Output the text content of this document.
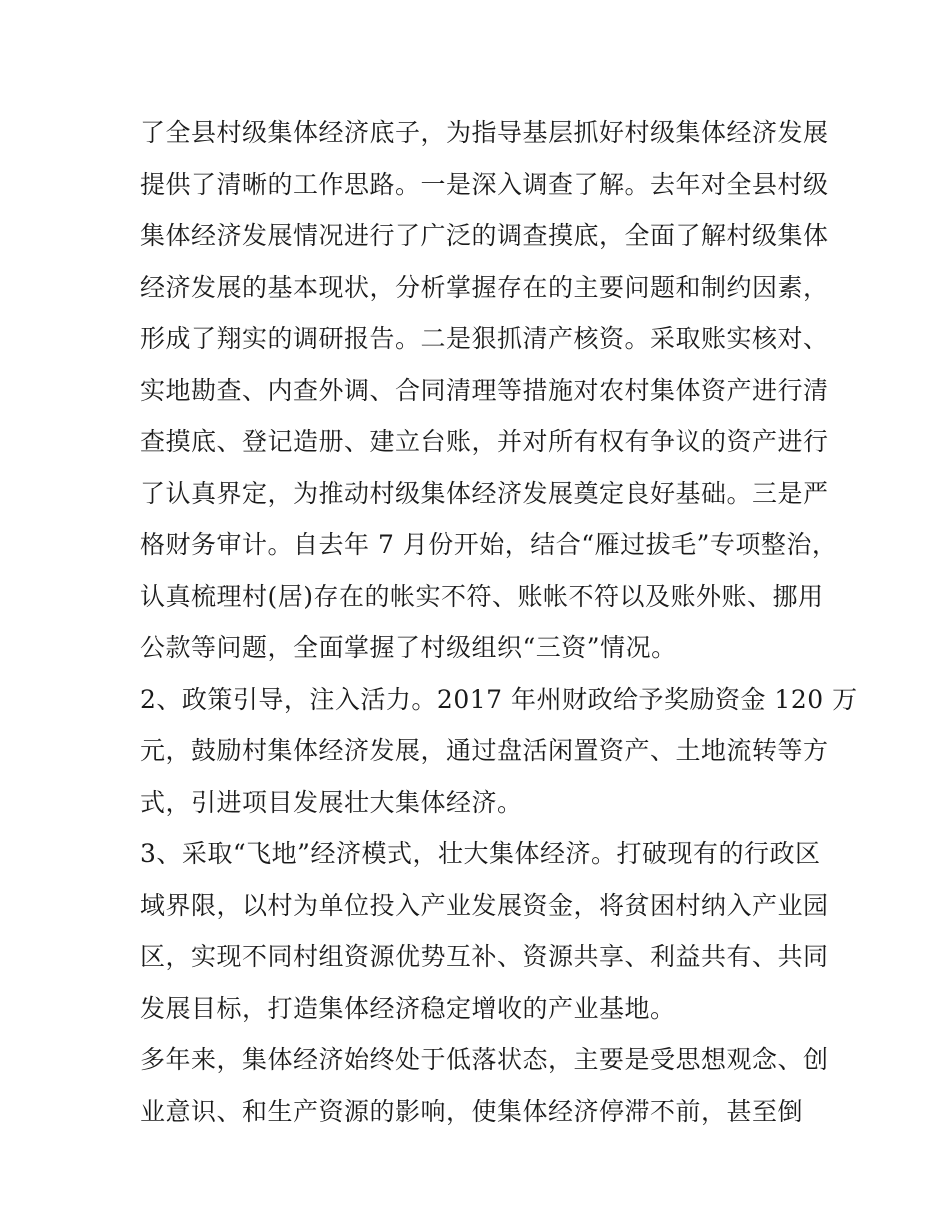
了全县村级集体经济底子，为指导基层抓好村级集体经济发展
提供了清晰的工作思路。一是深入调查了解。去年对全县村级
集体经济发展情况进行了广泛的调查摸底，全面了解村级集体
经济发展的基本现状，分析掌握存在的主要问题和制约因素，
形成了翔实的调研报告。二是狠抓清产核资。采取账实核对、
实地勘查、内查外调、合同清理等措施对农村集体资产进行清
查摸底、登记造册、建立台账，并对所有权有争议的资产进行
了认真界定，为推动村级集体经济发展奠定良好基础。三是严
格财务审计。自去年 7 月份开始，结合“雁过拔毛”专项整治，
认真梳理村(居)存在的帐实不符、账帐不符以及账外账、挪用
公款等问题，全面掌握了村级组织“三资”情况。
2、政策引导，注入活力。2017 年州财政给予奖励资金 120 万
元，鼓励村集体经济发展，通过盘活闲置资产、土地流转等方
式，引进项目发展壮大集体经济。
3、采取“飞地”经济模式，壮大集体经济。打破现有的行政区
域界限，以村为单位投入产业发展资金，将贫困村纳入产业园
区，实现不同村组资源优势互补、资源共享、利益共有、共同
发展目标，打造集体经济稳定增收的产业基地。
多年来，集体经济始终处于低落状态，主要是受思想观念、创
业意识、和生产资源的影响，使集体经济停滞不前，甚至倒
